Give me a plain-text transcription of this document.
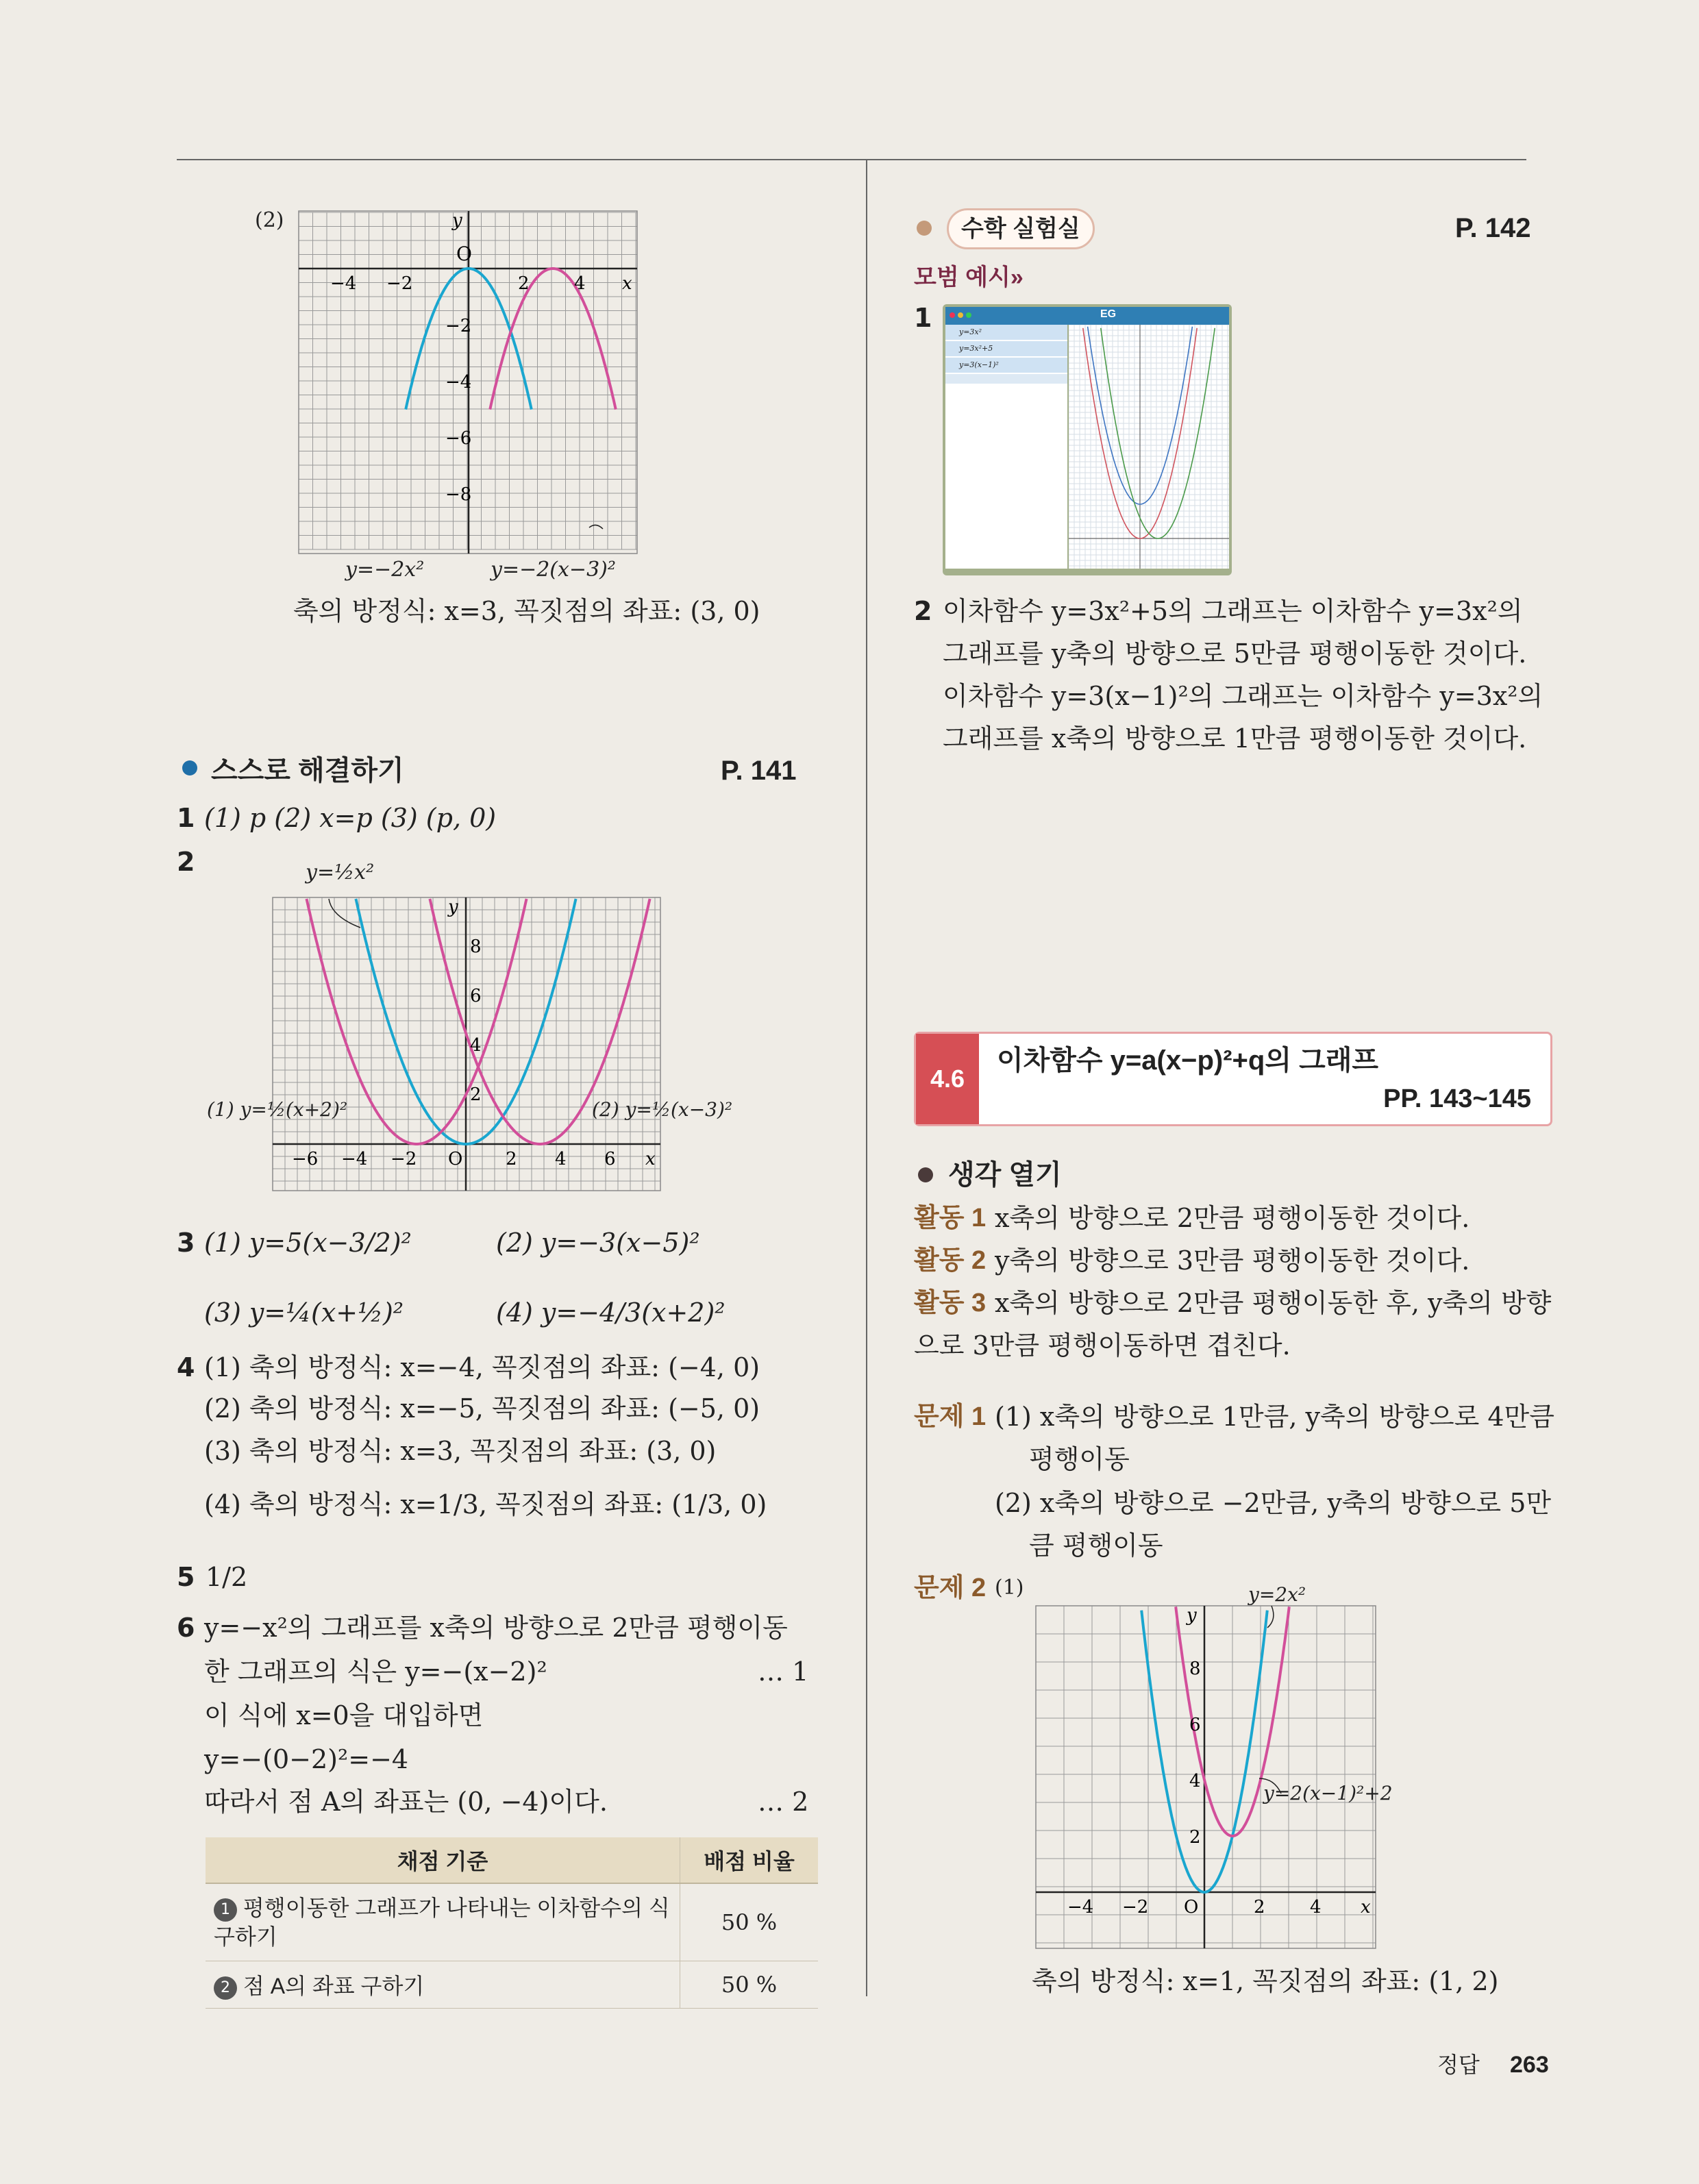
(2)
O
y
x
−4 −2	2	4
−2
−4
−6
−8
y=−2x²	y=−2(x−3)²
축의 방정식: x=3, 꼭짓점의 좌표: (3, 0)
스스로 해결하기	P. 141
1 (1) p (2) x=p (3) (p, 0)
2	y=½x²
O
y
x
−6 −4 −2	2 4 6
2
4
6
8
(1) y=½(x+2)²	(2) y=½(x−3)²
3 (1) y=5(x−3/2)²	(2) y=−3(x−5)²
(3) y=¼(x+½)²	(4) y=−4/3(x+2)²
4 (1) 축의 방정식: x=−4, 꼭짓점의 좌표: (−4, 0)
(2) 축의 방정식: x=−5, 꼭짓점의 좌표: (−5, 0)
(3) 축의 방정식: x=3, 꼭짓점의 좌표: (3, 0)
(4) 축의 방정식: x=1/3, 꼭짓점의 좌표: (1/3, 0)
5 1/2
6 y=−x²의 그래프를 x축의 방향으로 2만큼 평행이동
한 그래프의 식은 y=−(x−2)²	… 1
이 식에 x=0을 대입하면
y=−(0−2)²=−4
따라서 점 A의 좌표는 (0, −4)이다.	… 2
채점 기준	배점 비율
1 평행이동한 그래프가 나타내는 이차함수의 식 구하기	50 %
2 점 A의 좌표 구하기	50 %
수학 실험실	P. 142
모범 예시»
1	EG
y=3x²
y=3x²+5
y=3(x−1)²
2 이차함수 y=3x²+5의 그래프는 이차함수 y=3x²의
그래프를 y축의 방향으로 5만큼 평행이동한 것이다.
이차함수 y=3(x−1)²의 그래프는 이차함수 y=3x²의
그래프를 x축의 방향으로 1만큼 평행이동한 것이다.
4.6
이차함수 y=a(x−p)²+q의 그래프
PP. 143~145
생각 열기
활동 1 x축의 방향으로 2만큼 평행이동한 것이다.
활동 2 y축의 방향으로 3만큼 평행이동한 것이다.
활동 3 x축의 방향으로 2만큼 평행이동한 후, y축의 방향
으로 3만큼 평행이동하면 겹친다.
문제 1 (1) x축의 방향으로 1만큼, y축의 방향으로 4만큼
평행이동
(2) x축의 방향으로 −2만큼, y축의 방향으로 5만
큼 평행이동
문제 2 (1)	y=2x²
O
y
x
−4 −2	2	4
2
4
6
8
y=2(x−1)²+2
축의 방정식: x=1, 꼭짓점의 좌표: (1, 2)
정답 263
